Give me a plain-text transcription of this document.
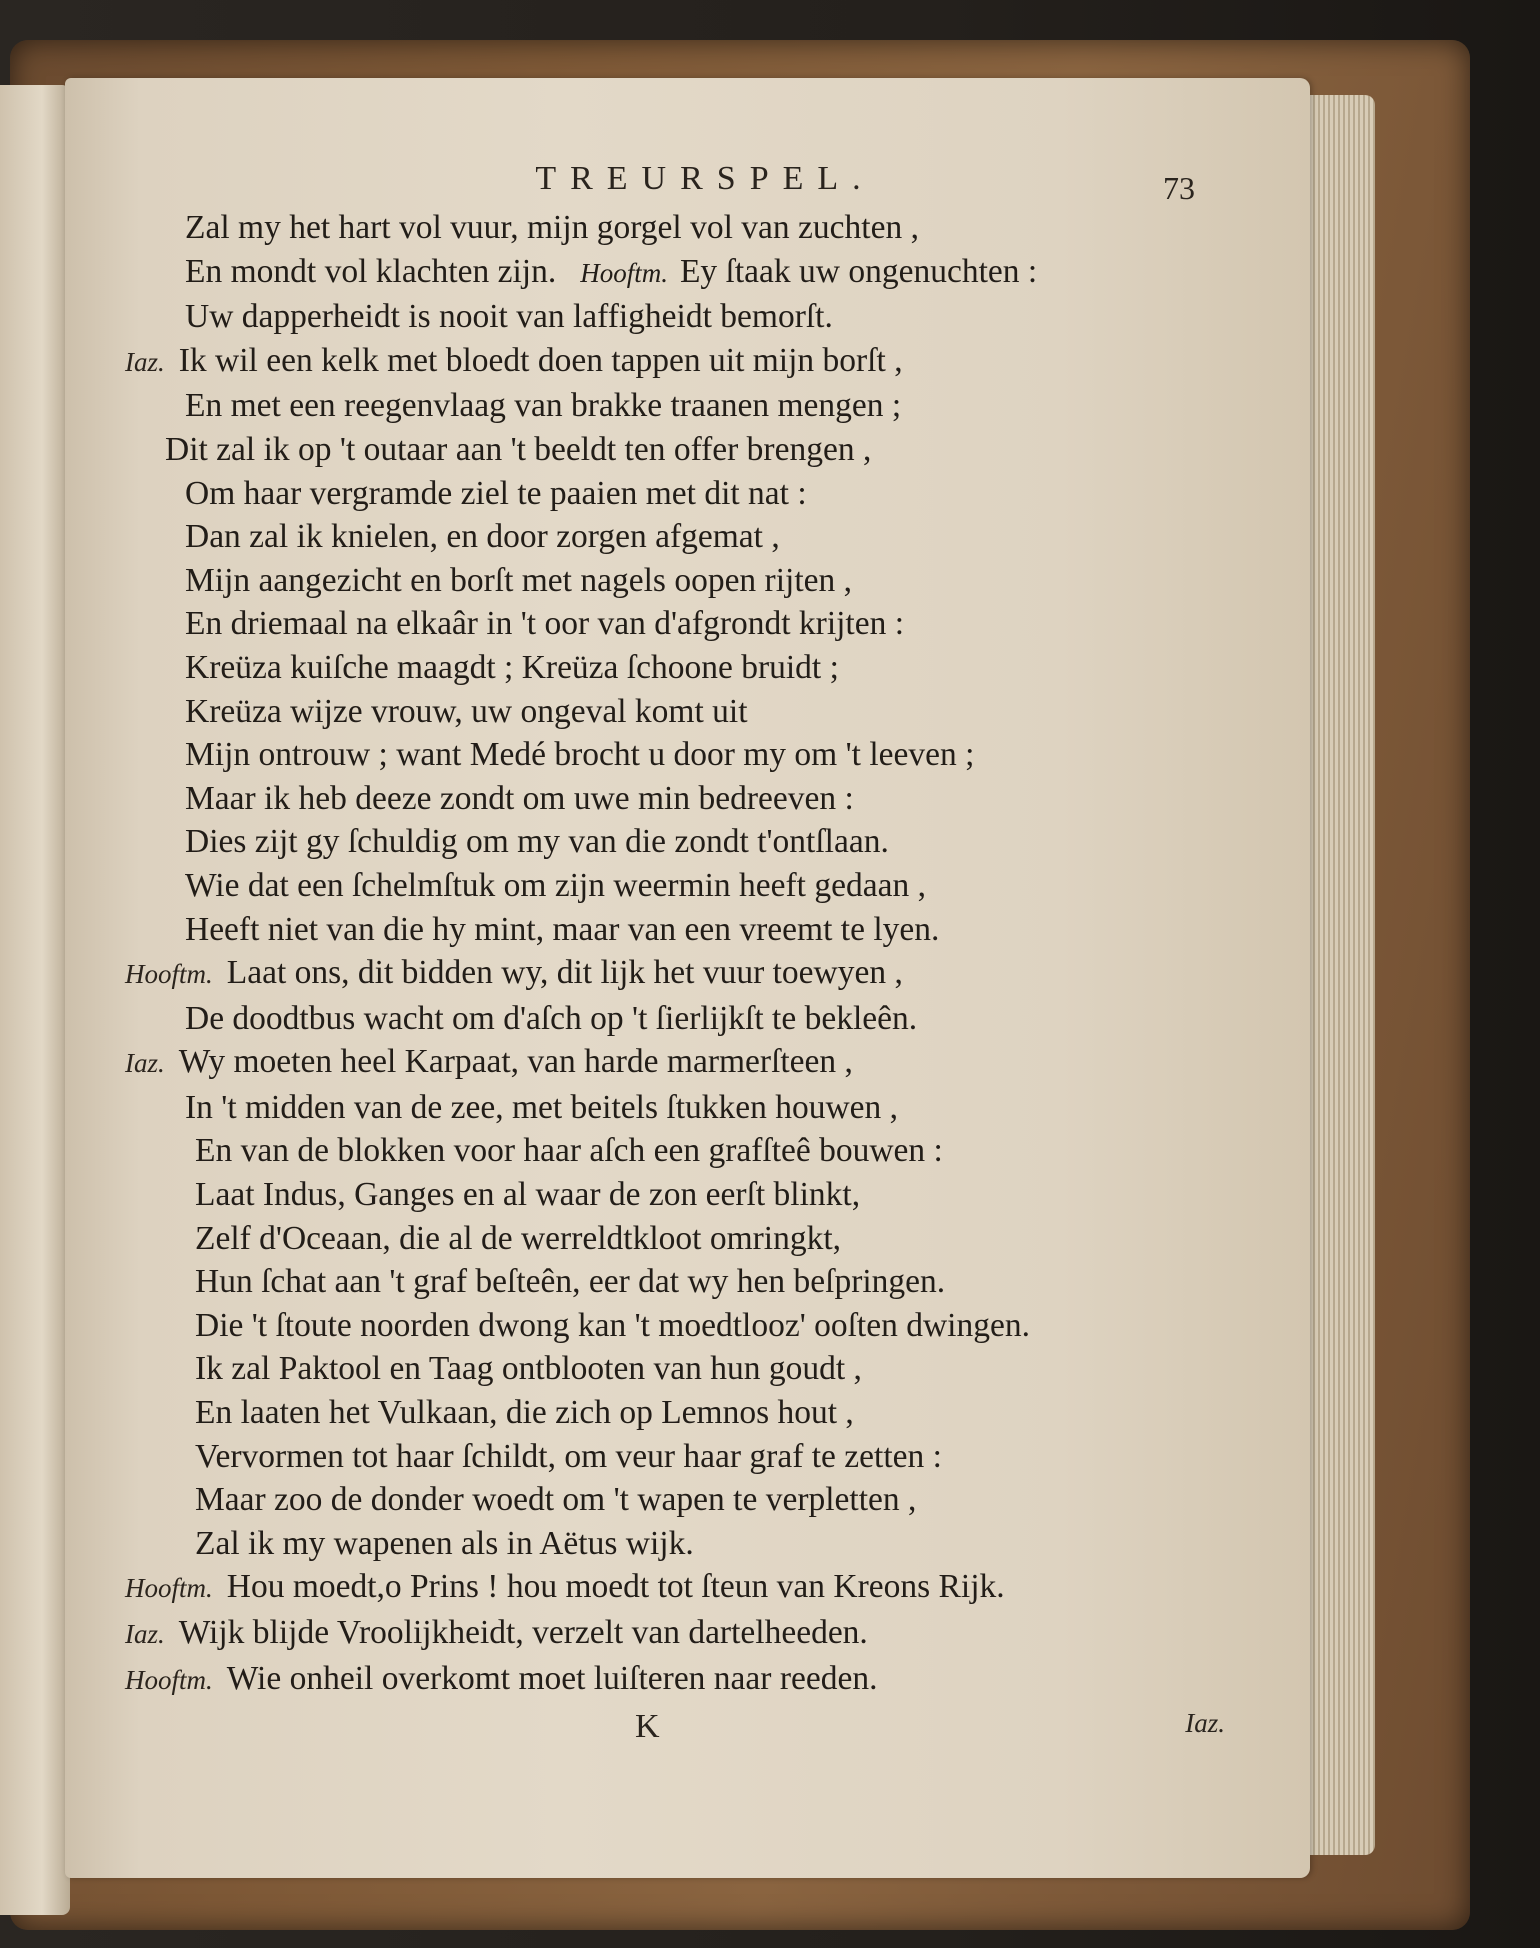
TREURSPEL.	73
Zal my het hart vol vuur, mijn gorgel vol van zuchten ,
En mondt vol klachten zijn. Hooftm. Ey ſtaak uw ongenuchten :
Uw dapperheidt is nooit van laffigheidt bemorſt.
Iaz. Ik wil een kelk met bloedt doen tappen uit mijn borſt ,
En met een reegenvlaag van brakke traanen mengen ;
Dit zal ik op 't outaar aan 't beeldt ten offer brengen ,
Om haar vergramde ziel te paaien met dit nat :
Dan zal ik knielen, en door zorgen afgemat ,
Mijn aangezicht en borſt met nagels oopen rijten ,
En driemaal na elkaâr in 't oor van d'afgrondt krijten :
Kreüza kuiſche maagdt ; Kreüza ſchoone bruidt ;
Kreüza wijze vrouw, uw ongeval komt uit
Mijn ontrouw ; want Medé brocht u door my om 't leeven ;
Maar ik heb deeze zondt om uwe min bedreeven :
Dies zijt gy ſchuldig om my van die zondt t'ontſlaan.
Wie dat een ſchelmſtuk om zijn weermin heeft gedaan ,
Heeft niet van die hy mint, maar van een vreemt te lyen.
Hooftm. Laat ons, dit bidden wy, dit lijk het vuur toewyen ,
De doodtbus wacht om d'aſch op 't ſierlijkſt te bekleên.
Iaz. Wy moeten heel Karpaat, van harde marmerſteen ,
In 't midden van de zee, met beitels ſtukken houwen ,
En van de blokken voor haar aſch een grafſteê bouwen :
Laat Indus, Ganges en al waar de zon eerſt blinkt,
Zelf d'Oceaan, die al de werreldtkloot omringkt,
Hun ſchat aan 't graf beſteên, eer dat wy hen beſpringen.
Die 't ſtoute noorden dwong kan 't moedtlooz' ooſten dwingen.
Ik zal Paktool en Taag ontblooten van hun goudt ,
En laaten het Vulkaan, die zich op Lemnos hout ,
Vervormen tot haar ſchildt, om veur haar graf te zetten :
Maar zoo de donder woedt om 't wapen te verpletten ,
Zal ik my wapenen als in Aëtus wijk.
Hooftm. Hou moedt,o Prins ! hou moedt tot ſteun van Kreons Rijk.
Iaz. Wijk blijde Vroolijkheidt, verzelt van dartelheeden.
Hooftm. Wie onheil overkomt moet luiſteren naar reeden.
K	Iaz.
